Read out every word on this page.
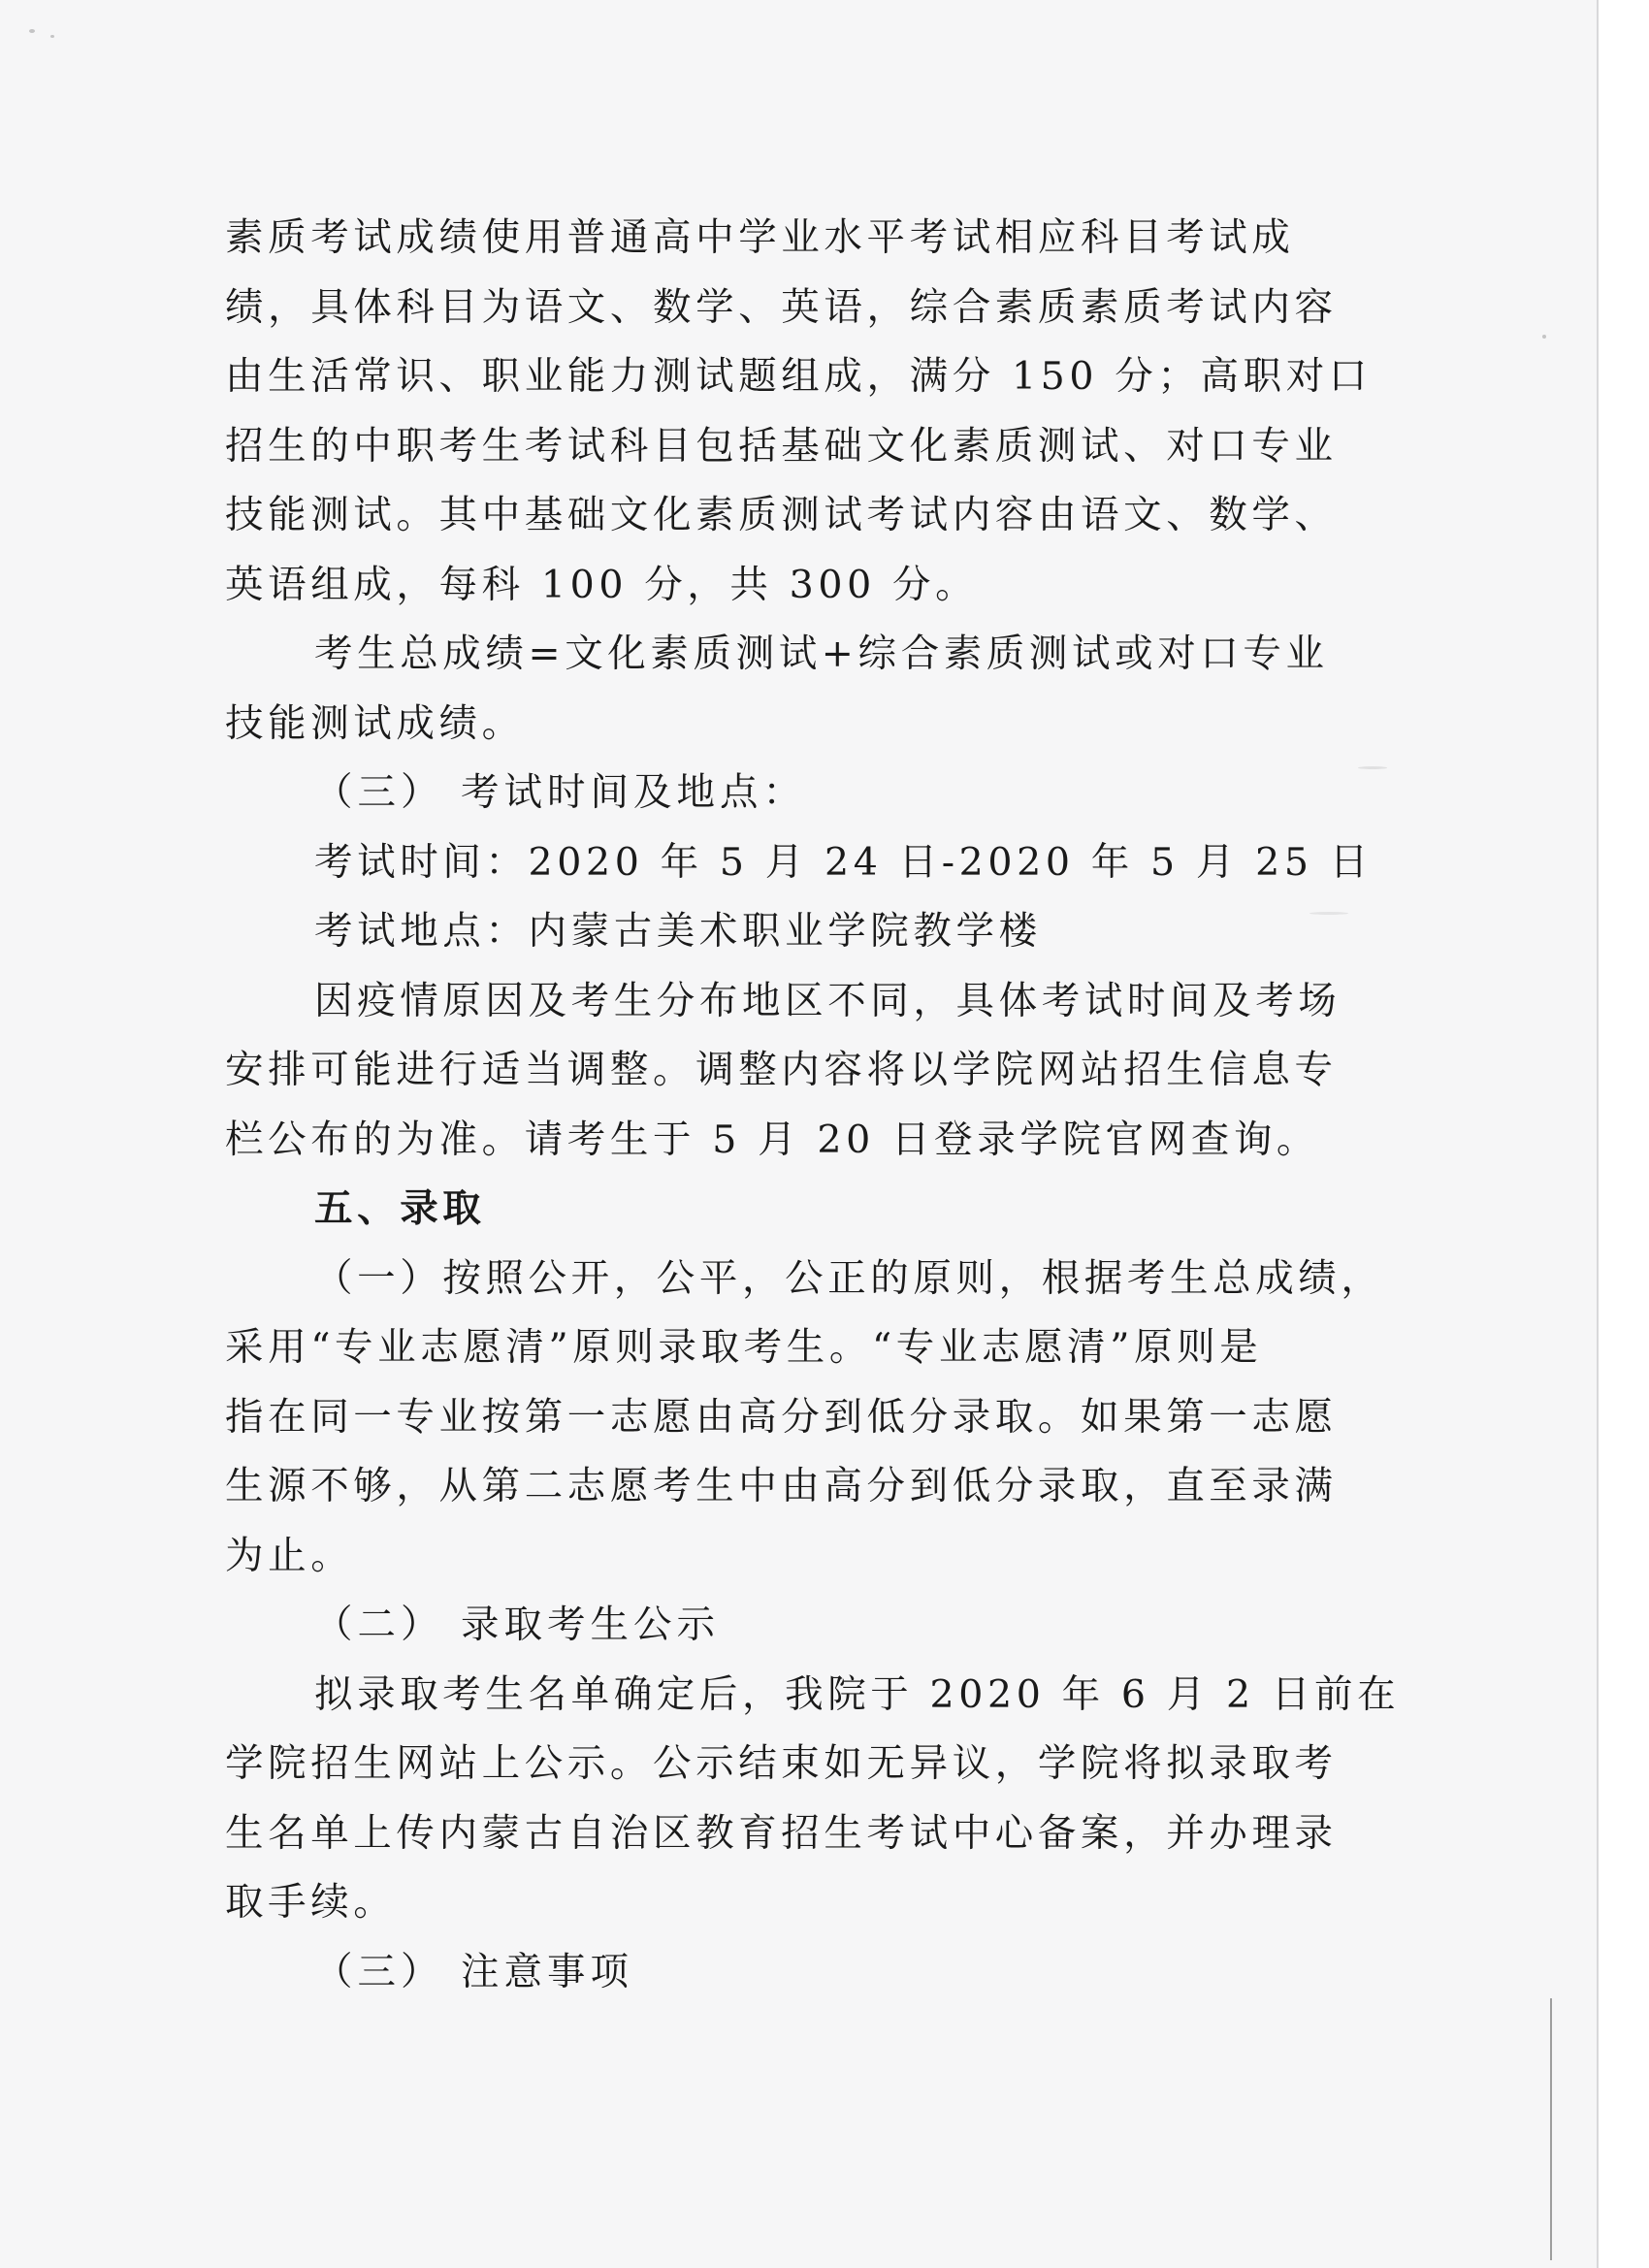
素质考试成绩使用普通高中学业水平考试相应科目考试成
绩，具体科目为语文、数学、英语，综合素质素质考试内容
由生活常识、职业能力测试题组成，满分 150 分；高职对口
招生的中职考生考试科目包括基础文化素质测试、对口专业
技能测试。其中基础文化素质测试考试内容由语文、数学、
英语组成，每科 100 分，共 300 分。
考生总成绩=文化素质测试+综合素质测试或对口专业
技能测试成绩。
（三） 考试时间及地点：
考试时间：2020 年 5 月 24 日-2020 年 5 月 25 日
考试地点：内蒙古美术职业学院教学楼
因疫情原因及考生分布地区不同，具体考试时间及考场
安排可能进行适当调整。调整内容将以学院网站招生信息专
栏公布的为准。请考生于 5 月 20 日登录学院官网查询。
五、录取
（一）按照公开，公平，公正的原则，根据考生总成绩，
采用“专业志愿清”原则录取考生。“专业志愿清”原则是
指在同一专业按第一志愿由高分到低分录取。如果第一志愿
生源不够，从第二志愿考生中由高分到低分录取，直至录满
为止。
（二） 录取考生公示
拟录取考生名单确定后，我院于 2020 年 6 月 2 日前在
学院招生网站上公示。公示结束如无异议，学院将拟录取考
生名单上传内蒙古自治区教育招生考试中心备案，并办理录
取手续。
（三） 注意事项
